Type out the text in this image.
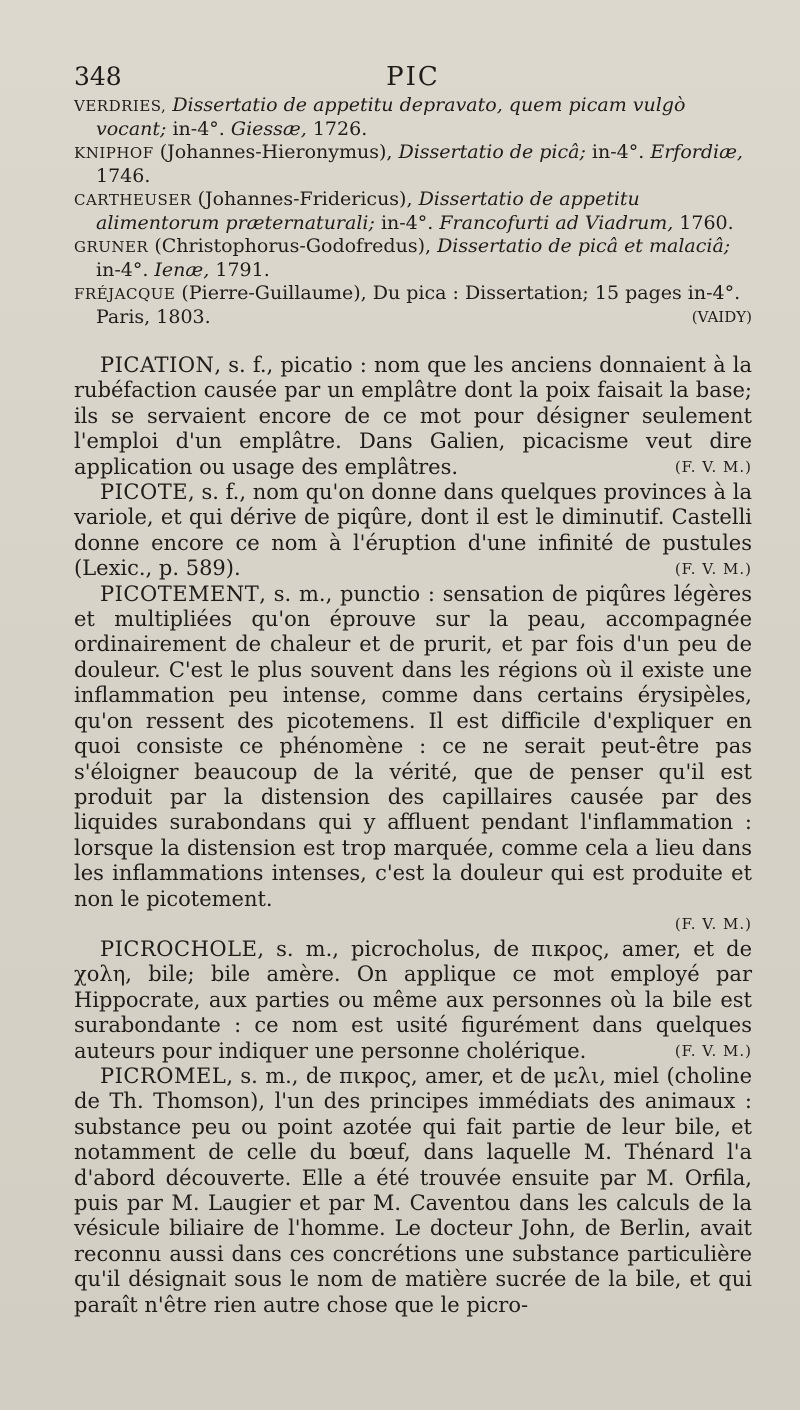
348	PIC

VERDRIES, Dissertatio de appetitu depravato, quem picam vulgò vocant; in-4°. Giessæ, 1726.

KNIPHOF (Johannes-Hieronymus), Dissertatio de picâ; in-4°. Erfordiæ, 1746.

CARTHEUSER (Johannes-Fridericus), Dissertatio de appetitu alimentorum præternaturali; in-4°. Francofurti ad Viadrum, 1760.

GRUNER (Christophorus-Godofredus), Dissertatio de picâ et malaciâ; in-4°. Ienæ, 1791.

FRÉJACQUE (Pierre-Guillaume), Du pica : Dissertation; 15 pages in-4°. Paris, 1803.	(VAIDY)

PICATION, s. f., picatio : nom que les anciens donnaient à la rubéfaction causée par un emplâtre dont la poix faisait la base; ils se servaient encore de ce mot pour désigner seulement l'emploi d'un emplâtre. Dans Galien, picacisme veut dire application ou usage des emplâtres.	(F. V. M.)

PICOTE, s. f., nom qu'on donne dans quelques provinces à la variole, et qui dérive de piqûre, dont il est le diminutif. Castelli donne encore ce nom à l'éruption d'une infinité de pustules (Lexic., p. 589).	(F. V. M.)

PICOTEMENT, s. m., punctio : sensation de piqûres légères et multipliées qu'on éprouve sur la peau, accompagnée ordinairement de chaleur et de prurit, et par fois d'un peu de douleur. C'est le plus souvent dans les régions où il existe une inflammation peu intense, comme dans certains érysipèles, qu'on ressent des picotemens. Il est difficile d'expliquer en quoi consiste ce phénomène : ce ne serait peut-être pas s'éloigner beaucoup de la vérité, que de penser qu'il est produit par la distension des capillaires causée par des liquides surabondans qui y affluent pendant l'inflammation : lorsque la distension est trop marquée, comme cela a lieu dans les inflammations intenses, c'est la douleur qui est produite et non le picotement.

(F. V. M.)

PICROCHOLE, s. m., picrocholus, de πικρος, amer, et de χολη, bile; bile amère. On applique ce mot employé par Hippocrate, aux parties ou même aux personnes où la bile est surabondante : ce nom est usité figurément dans quelques auteurs pour indiquer une personne cholérique.	(F. V. M.)

PICROMEL, s. m., de πικρος, amer, et de μελι, miel (choline de Th. Thomson), l'un des principes immédiats des animaux : substance peu ou point azotée qui fait partie de leur bile, et notamment de celle du bœuf, dans laquelle M. Thénard l'a d'abord découverte. Elle a été trouvée ensuite par M. Orfila, puis par M. Laugier et par M. Caventou dans les calculs de la vésicule biliaire de l'homme. Le docteur John, de Berlin, avait reconnu aussi dans ces concrétions une substance particulière qu'il désignait sous le nom de matière sucrée de la bile, et qui paraît n'être rien autre chose que le picro-
